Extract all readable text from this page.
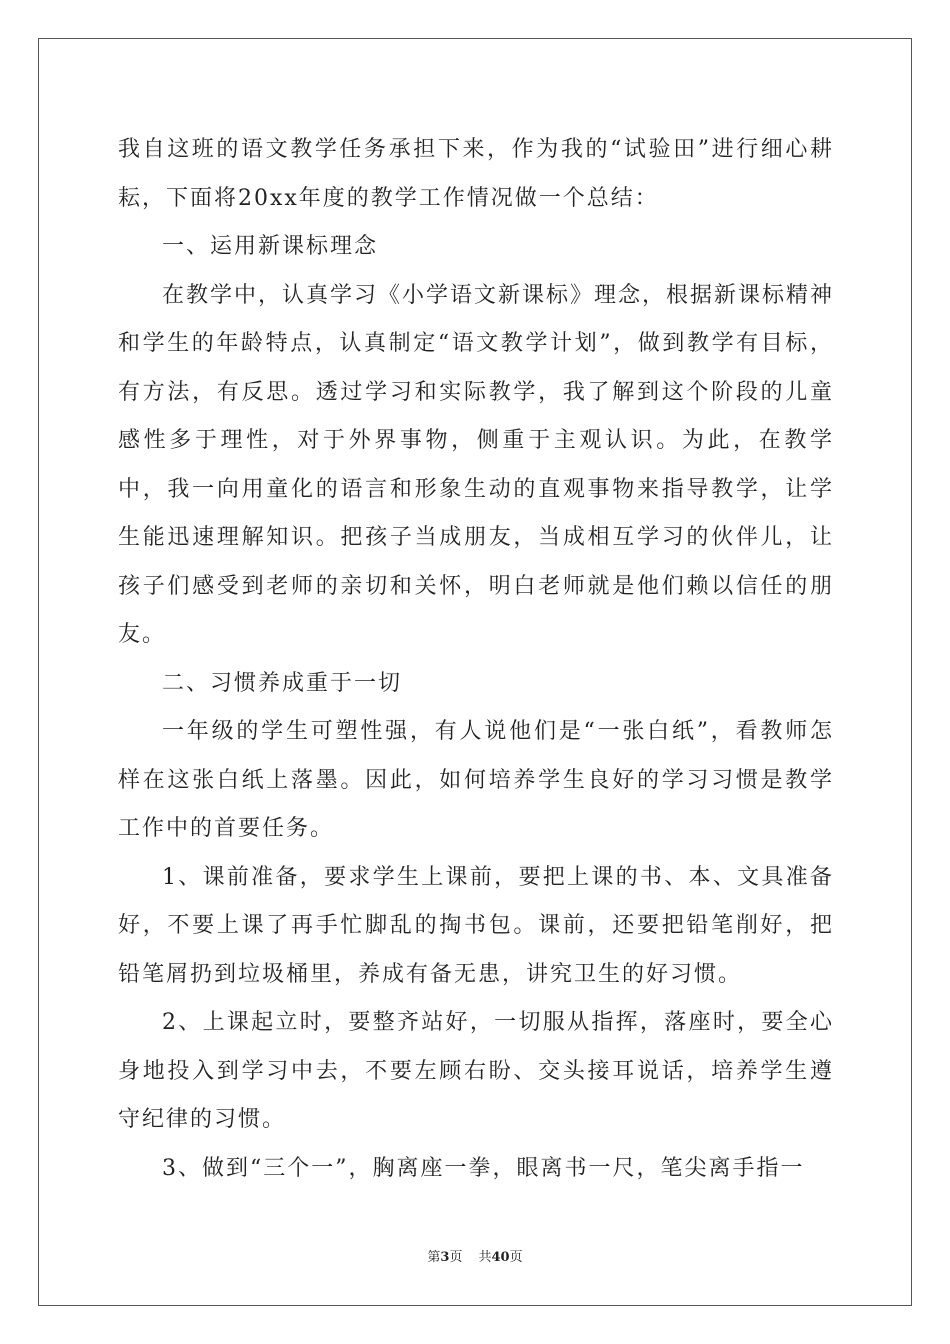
我自这班的语文教学任务承担下来，作为我的“试验田”进行细心耕耘，下面将20xx年度的教学工作情况做一个总结：

一、运用新课标理念

在教学中，认真学习《小学语文新课标》理念，根据新课标精神和学生的年龄特点，认真制定“语文教学计划”，做到教学有目标，有方法，有反思。透过学习和实际教学，我了解到这个阶段的儿童感性多于理性，对于外界事物，侧重于主观认识。为此，在教学中，我一向用童化的语言和形象生动的直观事物来指导教学，让学生能迅速理解知识。把孩子当成朋友，当成相互学习的伙伴儿，让孩子们感受到老师的亲切和关怀，明白老师就是他们赖以信任的朋友。

二、习惯养成重于一切

一年级的学生可塑性强，有人说他们是“一张白纸”，看教师怎样在这张白纸上落墨。因此，如何培养学生良好的学习习惯是教学工作中的首要任务。

1、课前准备，要求学生上课前，要把上课的书、本、文具准备好，不要上课了再手忙脚乱的掏书包。课前，还要把铅笔削好，把铅笔屑扔到垃圾桶里，养成有备无患，讲究卫生的好习惯。

2、上课起立时，要整齐站好，一切服从指挥，落座时，要全心身地投入到学习中去，不要左顾右盼、交头接耳说话，培养学生遵守纪律的习惯。

3、做到“三个一”，胸离座一拳，眼离书一尺，笔尖离手指一

第3页 共40页
